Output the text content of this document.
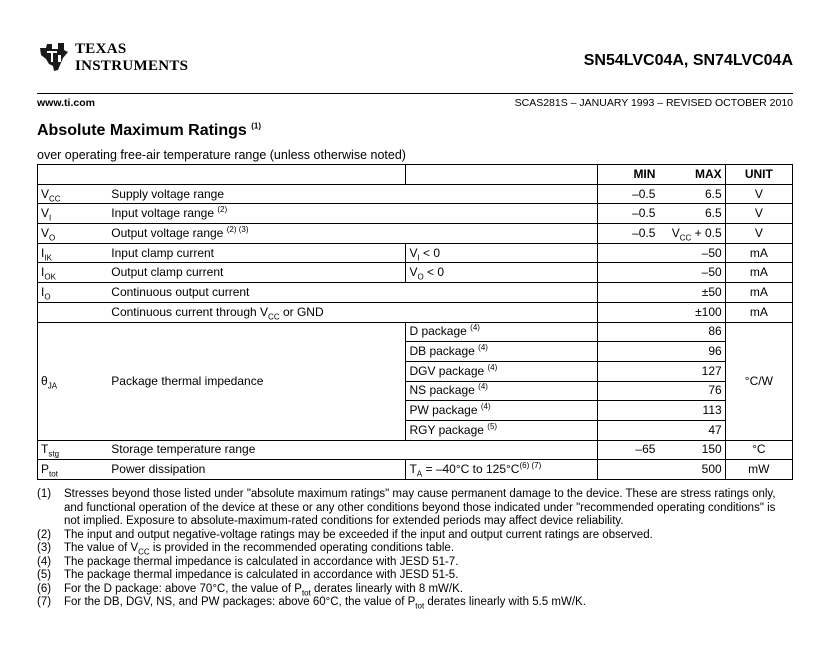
TEXAS
INSTRUMENTS	SN54LVC04A, SN74LVC04A
www.ti.com	SCAS281S – JANUARY 1993 – REVISED OCTOBER 2010
Absolute Maximum Ratings $^{(1)}$
over operating free-air temperature range (unless otherwise noted)
			MIN	MAX	UNIT
$V_{CC}$	Supply voltage range		–0.5	6.5	V
$V_I$	Input voltage range $^{(2)}$		–0.5	6.5	V
$V_O$	Output voltage range $^{(2) (3)}$		–0.5	$V_{CC} + 0.5$	V
$I_{IK}$	Input clamp current	$V_I < 0$		–50	mA
$I_{OK}$	Output clamp current	$V_O < 0$		–50	mA
$I_O$	Continuous output current			±50	mA
	Continuous current through $V_{CC}$ or GND			±100	mA
$\theta_{JA}$	Package thermal impedance	D package $^{(4)}$		86	°C/W
		DB package $^{(4)}$		96	
		DGV package $^{(4)}$		127	
		NS package $^{(4)}$		76	
		PW package $^{(4)}$		113	
		RGY package $^{(5)}$		47	
$T_{stg}$	Storage temperature range		–65	150	°C
$P_{tot}$	Power dissipation	$T_A = -40^\circ C$ to $125^\circ C^{(6) (7)}$		500	mW
(1) Stresses beyond those listed under "absolute maximum ratings" may cause permanent damage to the device. These are stress ratings only, and functional operation of the device at these or any other conditions beyond those indicated under "recommended operating conditions" is not implied. Exposure to absolute-maximum-rated conditions for extended periods may affect device reliability.
(2) The input and output negative-voltage ratings may be exceeded if the input and output current ratings are observed.
(3) The value of $V_{CC}$ is provided in the recommended operating conditions table.
(4) The package thermal impedance is calculated in accordance with JESD 51-7.
(5) The package thermal impedance is calculated in accordance with JESD 51-5.
(6) For the D package: above 70°C, the value of $P_{tot}$ derates linearly with 8 mW/K.
(7) For the DB, DGV, NS, and PW packages: above 60°C, the value of $P_{tot}$ derates linearly with 5.5 mW/K.
